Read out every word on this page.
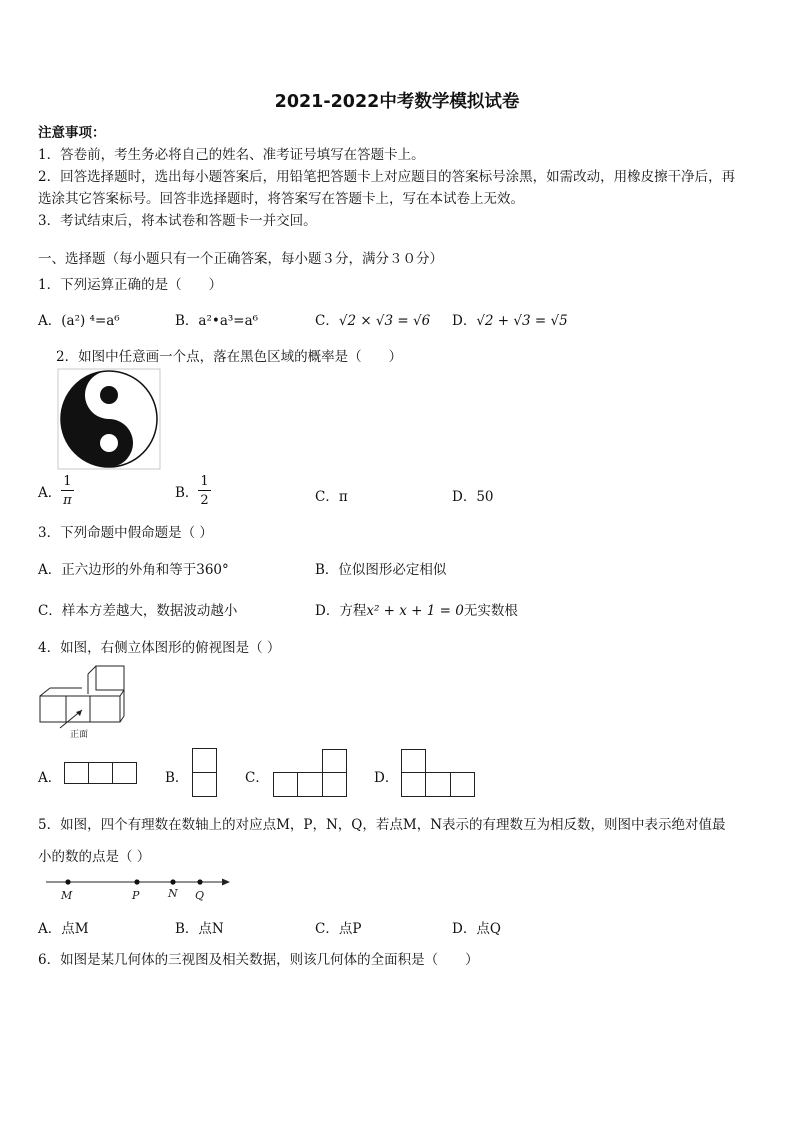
2021-2022中考数学模拟试卷
注意事项：
1．答卷前，考生务必将自己的姓名、准考证号填写在答题卡上。
2．回答选择题时，选出每小题答案后，用铅笔把答题卡上对应题目的答案标号涂黑，如需改动，用橡皮擦干净后，再
选涂其它答案标号。回答非选择题时，将答案写在答题卡上，写在本试卷上无效。
3．考试结束后，将本试卷和答题卡一并交回。
一、选择题（每小题只有一个正确答案，每小题３分，满分３０分）
1．下列运算正确的是（　　）
A．(a²) ⁴=a⁶	B．a²•a³=a⁶	C．√2 × √3 = √6 D．√2 + √3 = √5
2．如图中任意画一个点，落在黑色区域的概率是（　　）
A． $\frac{1}{\pi}$	B． $\frac{1}{2}$	C．π	D．50
3．下列命题中假命题是（ ）
A．正六边形的外角和等于360°	B．位似图形必定相似
C．样本方差越大，数据波动越小	D．方程x² + x + 1 = 0无实数根
4．如图，右侧立体图形的俯视图是（ ）
正面
A．	B．	C．	D．
5．如图，四个有理数在数轴上的对应点M，P，N，Q，若点M，N表示的有理数互为相反数，则图中表示绝对值最
小的数的点是（ ）
M	P	N Q
A．点M	B．点N	C．点P	D．点Q
6．如图是某几何体的三视图及相关数据，则该几何体的全面积是（　　）
